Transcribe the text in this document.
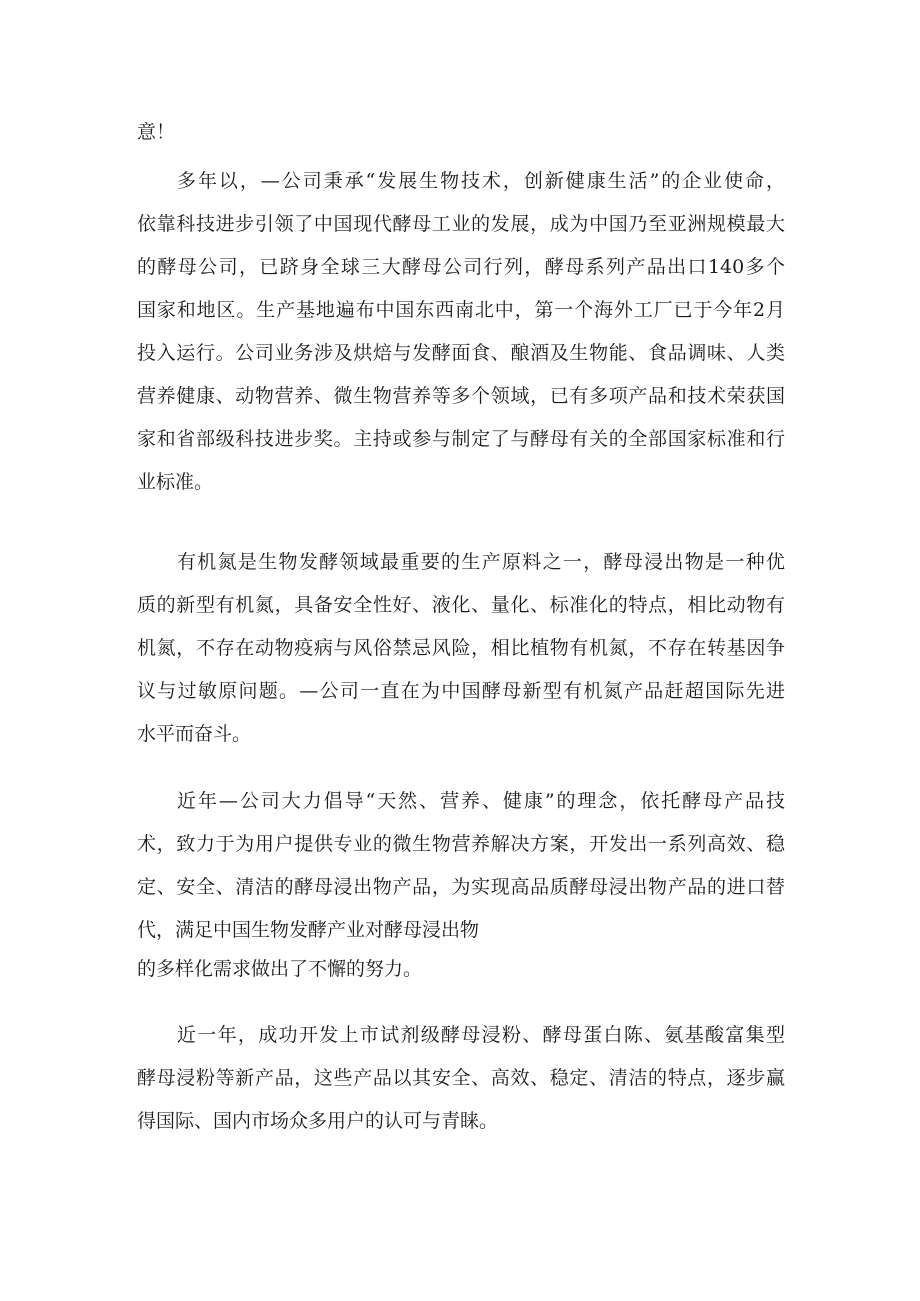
意！

多年以，—公司秉承“发展生物技术，创新健康生活”的企业使命，

依靠科技进步引领了中国现代酵母工业的发展，成为中国乃至亚洲规模最大

的酵母公司，已跻身全球三大酵母公司行列，酵母系列产品出口140多个

国家和地区。生产基地遍布中国东西南北中，第一个海外工厂已于今年2月

投入运行。公司业务涉及烘焙与发酵面食、酿酒及生物能、食品调味、人类

营养健康、动物营养、微生物营养等多个领域，已有多项产品和技术荣获国

家和省部级科技进步奖。主持或参与制定了与酵母有关的全部国家标准和行

业标准。

有机氮是生物发酵领域最重要的生产原料之一，酵母浸出物是一种优

质的新型有机氮，具备安全性好、液化、量化、标准化的特点，相比动物有

机氮，不存在动物疫病与风俗禁忌风险，相比植物有机氮，不存在转基因争

议与过敏原问题。—公司一直在为中国酵母新型有机氮产品赶超国际先进

水平而奋斗。

近年—公司大力倡导“天然、营养、健康”的理念，依托酵母产品技

术，致力于为用户提供专业的微生物营养解决方案，开发出一系列高效、稳

定、安全、清洁的酵母浸出物产品，为实现高品质酵母浸出物产品的进口替

代，满足中国生物发酵产业对酵母浸出物

的多样化需求做出了不懈的努力。

近一年，成功开发上市试剂级酵母浸粉、酵母蛋白陈、氨基酸富集型

酵母浸粉等新产品，这些产品以其安全、高效、稳定、清洁的特点，逐步赢

得国际、国内市场众多用户的认可与青睐。
